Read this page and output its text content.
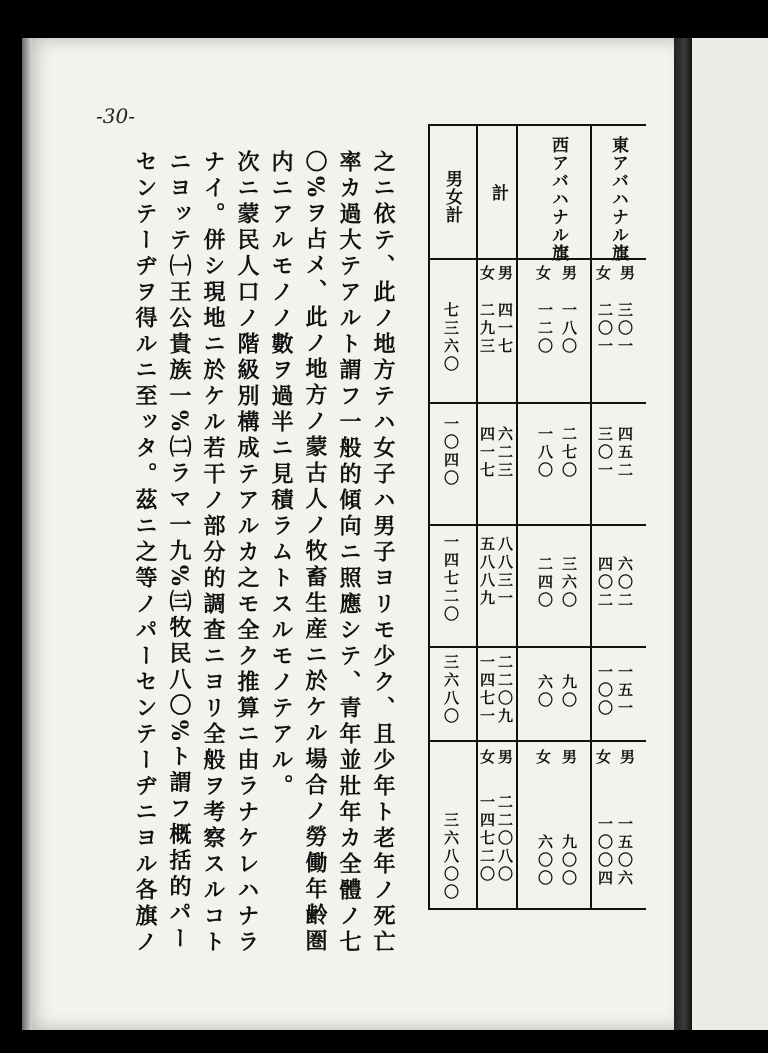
-30-
之ニ依テ、此ノ地方テハ女子ハ男子ヨリモ少ク、且少年ト老年ノ死亡
率カ過大テアルト謂フ一般的傾向ニ照應シテ、青年並壯年カ全體ノ七
〇%ヲ占メ、此ノ地方ノ蒙古人ノ牧畜生産ニ於ケル場合ノ勞働年齢圏
内ニアルモノノ數ヲ過半ニ見積ラムトスルモノテアル。
次ニ蒙民人口ノ階級別構成テアルカ之モ全ク推算ニ由ラナケレハナラ
ナイ。併シ現地ニ於ケル若干ノ部分的調査ニヨリ全般ヲ考察スルコト
ニヨッテ㈠王公貴族一%㈡ラマ一九%㈢牧民八〇%ト謂フ概括的パー
センテーヂヲ得ルニ至ッタ。茲ニ之等ノパーセンテーヂニヨル各旗ノ	東アバハナル旗
西アバハナル旗
計
男女計
女 男
女 男
女 男
三〇一
二〇一
一八〇
一二〇
四一七
二九三
七三六〇
四五二
三〇一
二七〇
一八〇
六二三
四一七
一〇四〇
六〇二
四〇二
三六〇
二四〇
八八三一
五八八九
一四七二〇
一五一
一〇〇
九〇
六〇
二二〇九
一四七一
三六八〇
女 男
女 男
女 男
一五〇六
一〇〇四
九〇〇
六〇〇
二二〇八〇
一四七二〇
三六八〇〇
